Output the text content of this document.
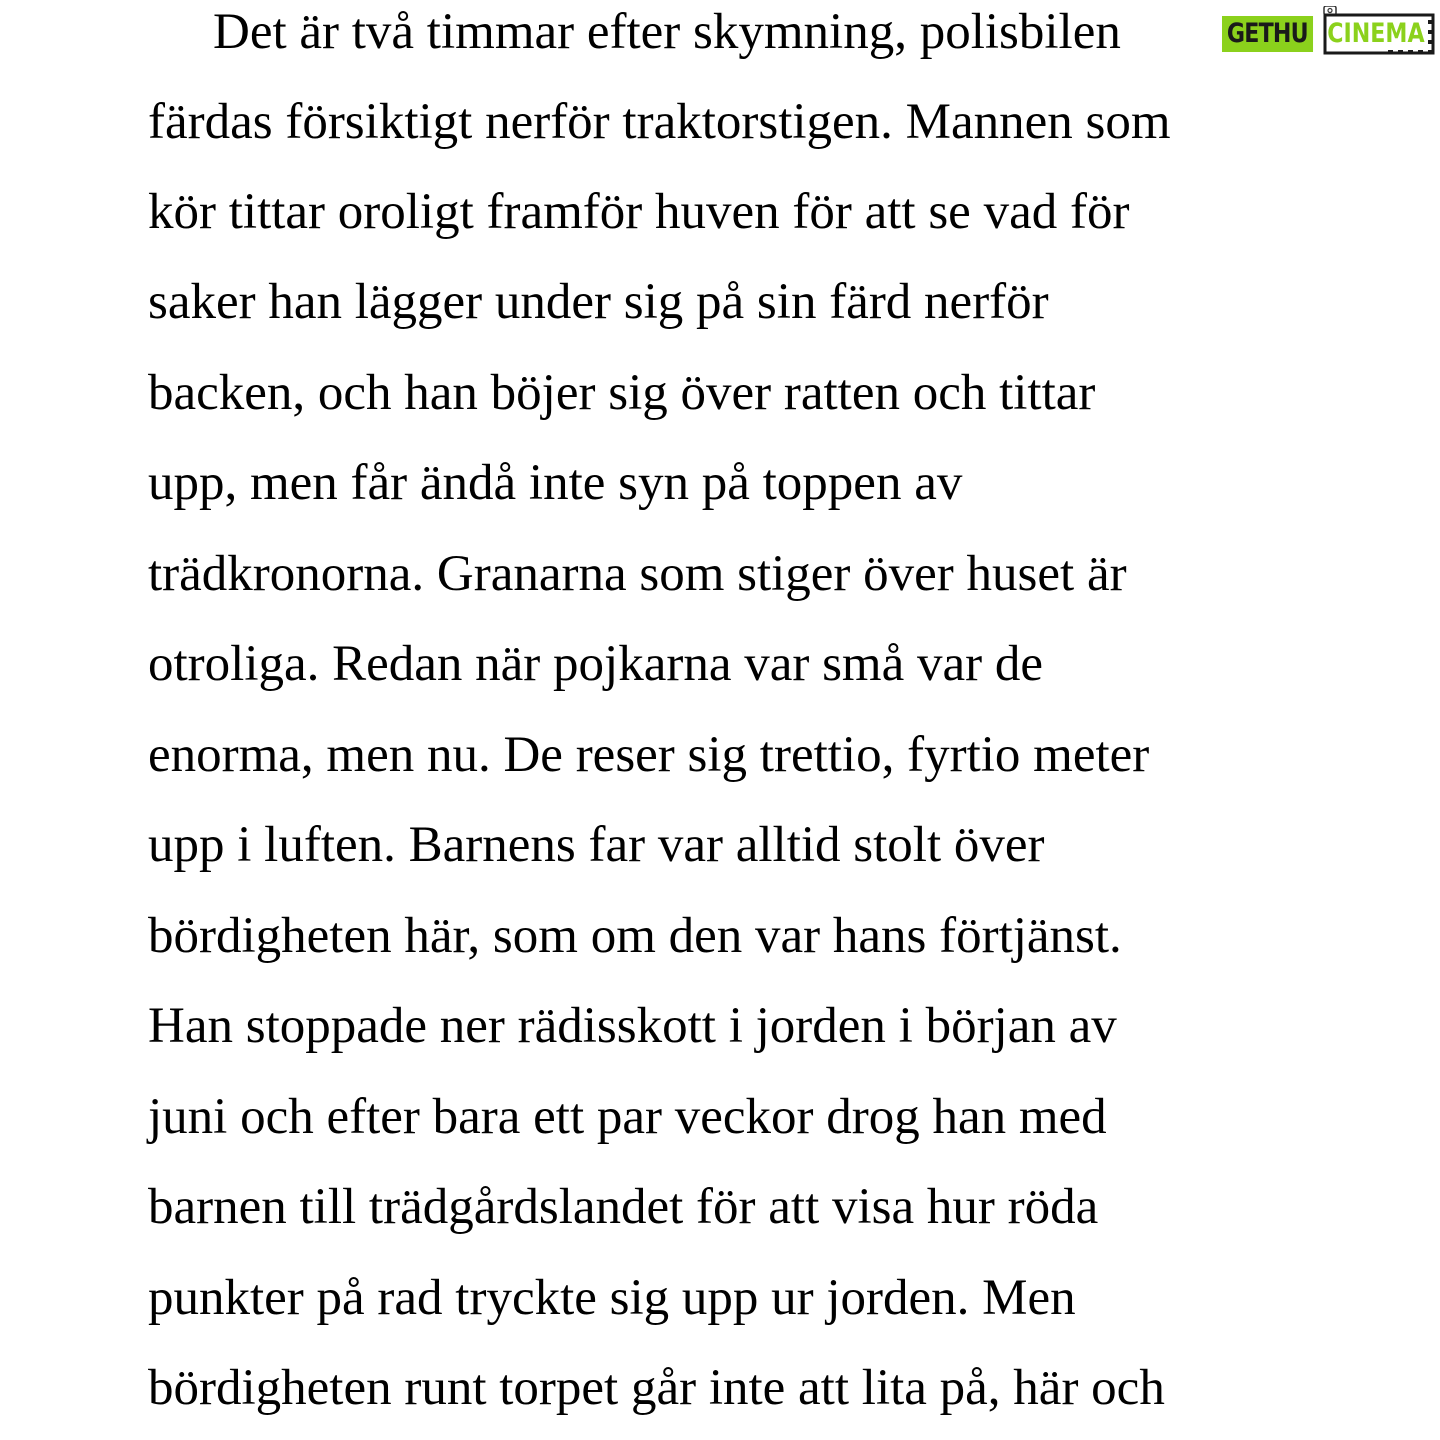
Det är två timmar efter skymning, polisbilen
färdas försiktigt nerför traktorstigen. Mannen som
kör tittar oroligt framför huven för att se vad för
saker han lägger under sig på sin färd nerför
backen, och han böjer sig över ratten och tittar
upp, men får ändå inte syn på toppen av
trädkronorna. Granarna som stiger över huset är
otroliga. Redan när pojkarna var små var de
enorma, men nu. De reser sig trettio, fyrtio meter
upp i luften. Barnens far var alltid stolt över
bördigheten här, som om den var hans förtjänst.
Han stoppade ner rädisskott i jorden i början av
juni och efter bara ett par veckor drog han med
barnen till trädgårdslandet för att visa hur röda
punkter på rad tryckte sig upp ur jorden. Men
bördigheten runt torpet går inte att lita på, här och
GETHU CINEMA
